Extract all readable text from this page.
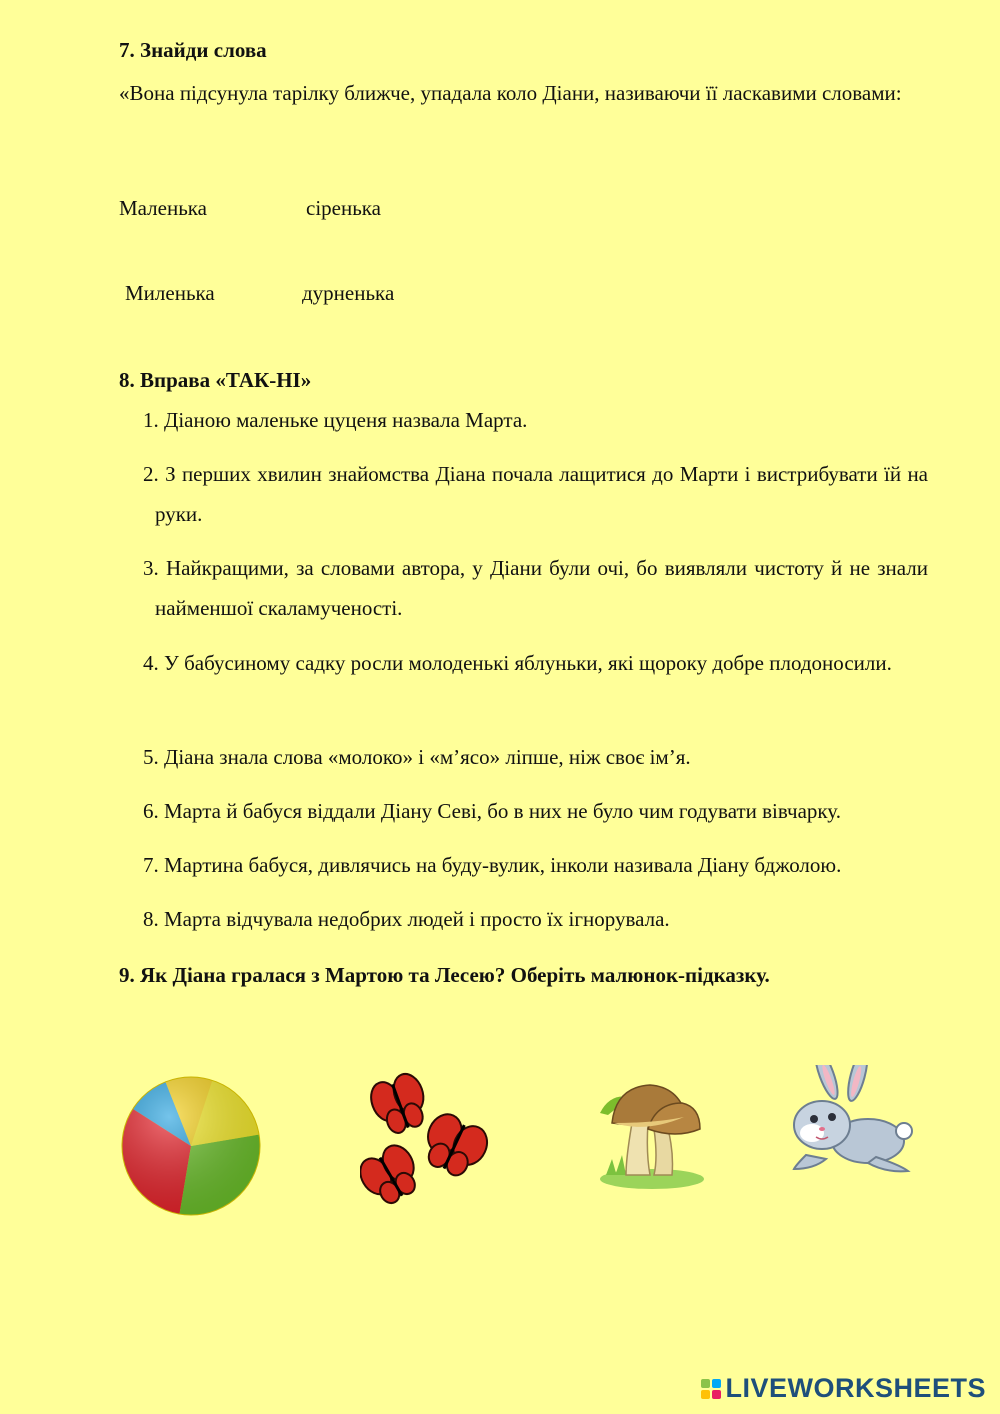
7. Знайди слова
«Вона підсунула тарілку ближче, упадала коло Діани, називаючи її ласкавими словами:
Маленька	сіренька
Миленька	дурненька
8. Вправа «ТАК-НІ»
1. Діаною маленьке цуценя назвала Марта.
2. З перших хвилин знайомства Діана почала лащитися до Марти і вистрибувати їй на руки.
3. Найкращими, за словами автора, у Діани були очі, бо виявляли чистоту й не знали найменшої скаламученості.
4. У бабусиному садку росли молоденькі яблуньки, які щороку добре плодоносили.
5. Діана знала слова «молоко» і «м’ясо» ліпше, ніж своє ім’я.
6. Марта й бабуся віддали Діану Севі, бо в них не було чим годувати вівчарку.
7. Мартина бабуся, дивлячись на буду-вулик, інколи називала Діану бджолою.
8. Марта відчувала недобрих людей і просто їх ігнорувала.
9. Як Діана гралася з Мартою та Лесею? Оберіть малюнок-підказку.
LIVEWORKSHEETS
